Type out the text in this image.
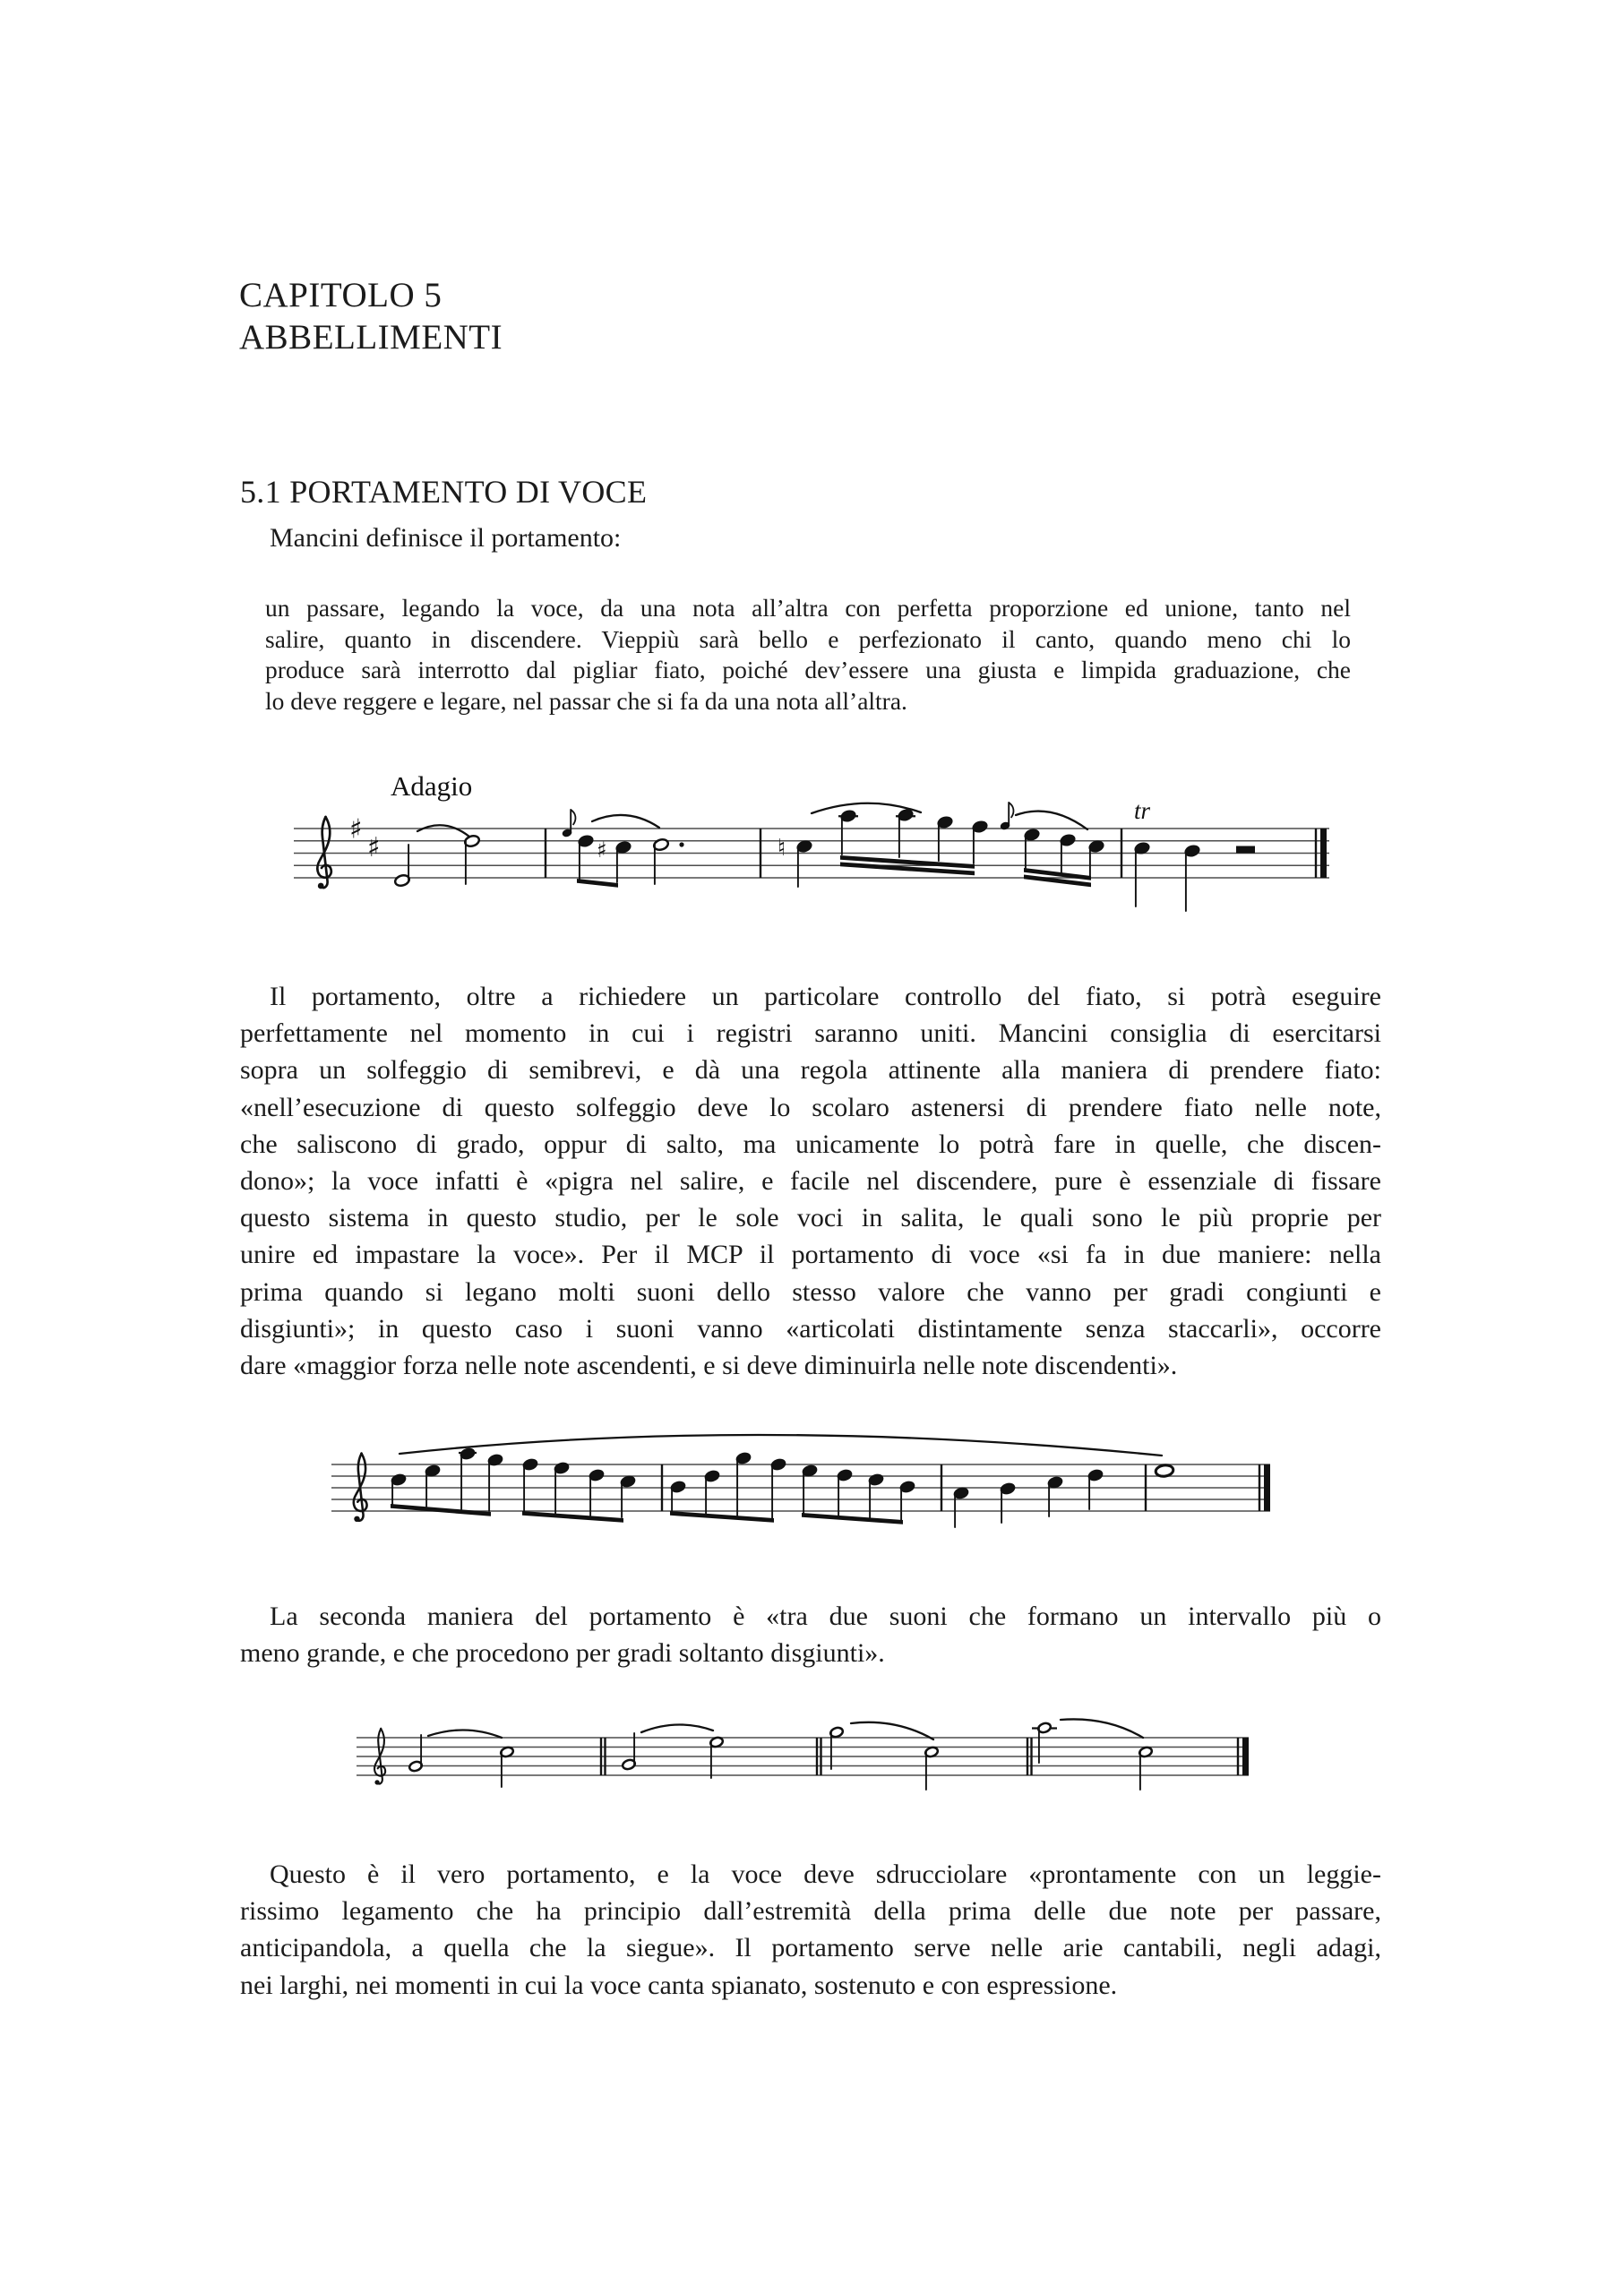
CAPITOLO 5
ABBELLIMENTI
5.1 PORTAMENTO DI VOCE
Mancini definisce il portamento:
un passare, legando la voce, da una nota all’altra con perfetta proporzione ed unione, tanto nel
salire, quanto in discendere. Vieppiù sarà bello e perfezionato il canto, quando meno chi lo
produce sarà interrotto dal pigliar fiato, poiché dev’essere una giusta e limpida graduazione, che
lo deve reggere e legare, nel passar che si fa da una nota all’altra.
♯
♯
Adagio
♯	♮
tr
Il portamento, oltre a richiedere un particolare controllo del fiato, si potrà eseguire
perfettamente nel momento in cui i registri saranno uniti. Mancini consiglia di esercitarsi
sopra un solfeggio di semibrevi, e dà una regola attinente alla maniera di prendere fiato:
«nell’esecuzione di questo solfeggio deve lo scolaro astenersi di prendere fiato nelle note,
che saliscono di grado, oppur di salto, ma unicamente lo potrà fare in quelle, che discen-
dono»; la voce infatti è «pigra nel salire, e facile nel discendere, pure è essenziale di fissare
questo sistema in questo studio, per le sole voci in salita, le quali sono le più proprie per
unire ed impastare la voce». Per il MCP il portamento di voce «si fa in due maniere: nella
prima quando si legano molti suoni dello stesso valore che vanno per gradi congiunti e
disgiunti»; in questo caso i suoni vanno «articolati distintamente senza staccarli», occorre
dare «maggior forza nelle note ascendenti, e si deve diminuirla nelle note discendenti».
La seconda maniera del portamento è «tra due suoni che formano un intervallo più o
meno grande, e che procedono per gradi soltanto disgiunti».
Questo è il vero portamento, e la voce deve sdrucciolare «prontamente con un leggie-
rissimo legamento che ha principio dall’estremità della prima delle due note per passare,
anticipandola, a quella che la siegue». Il portamento serve nelle arie cantabili, negli adagi,
nei larghi, nei momenti in cui la voce canta spianato, sostenuto e con espressione.
